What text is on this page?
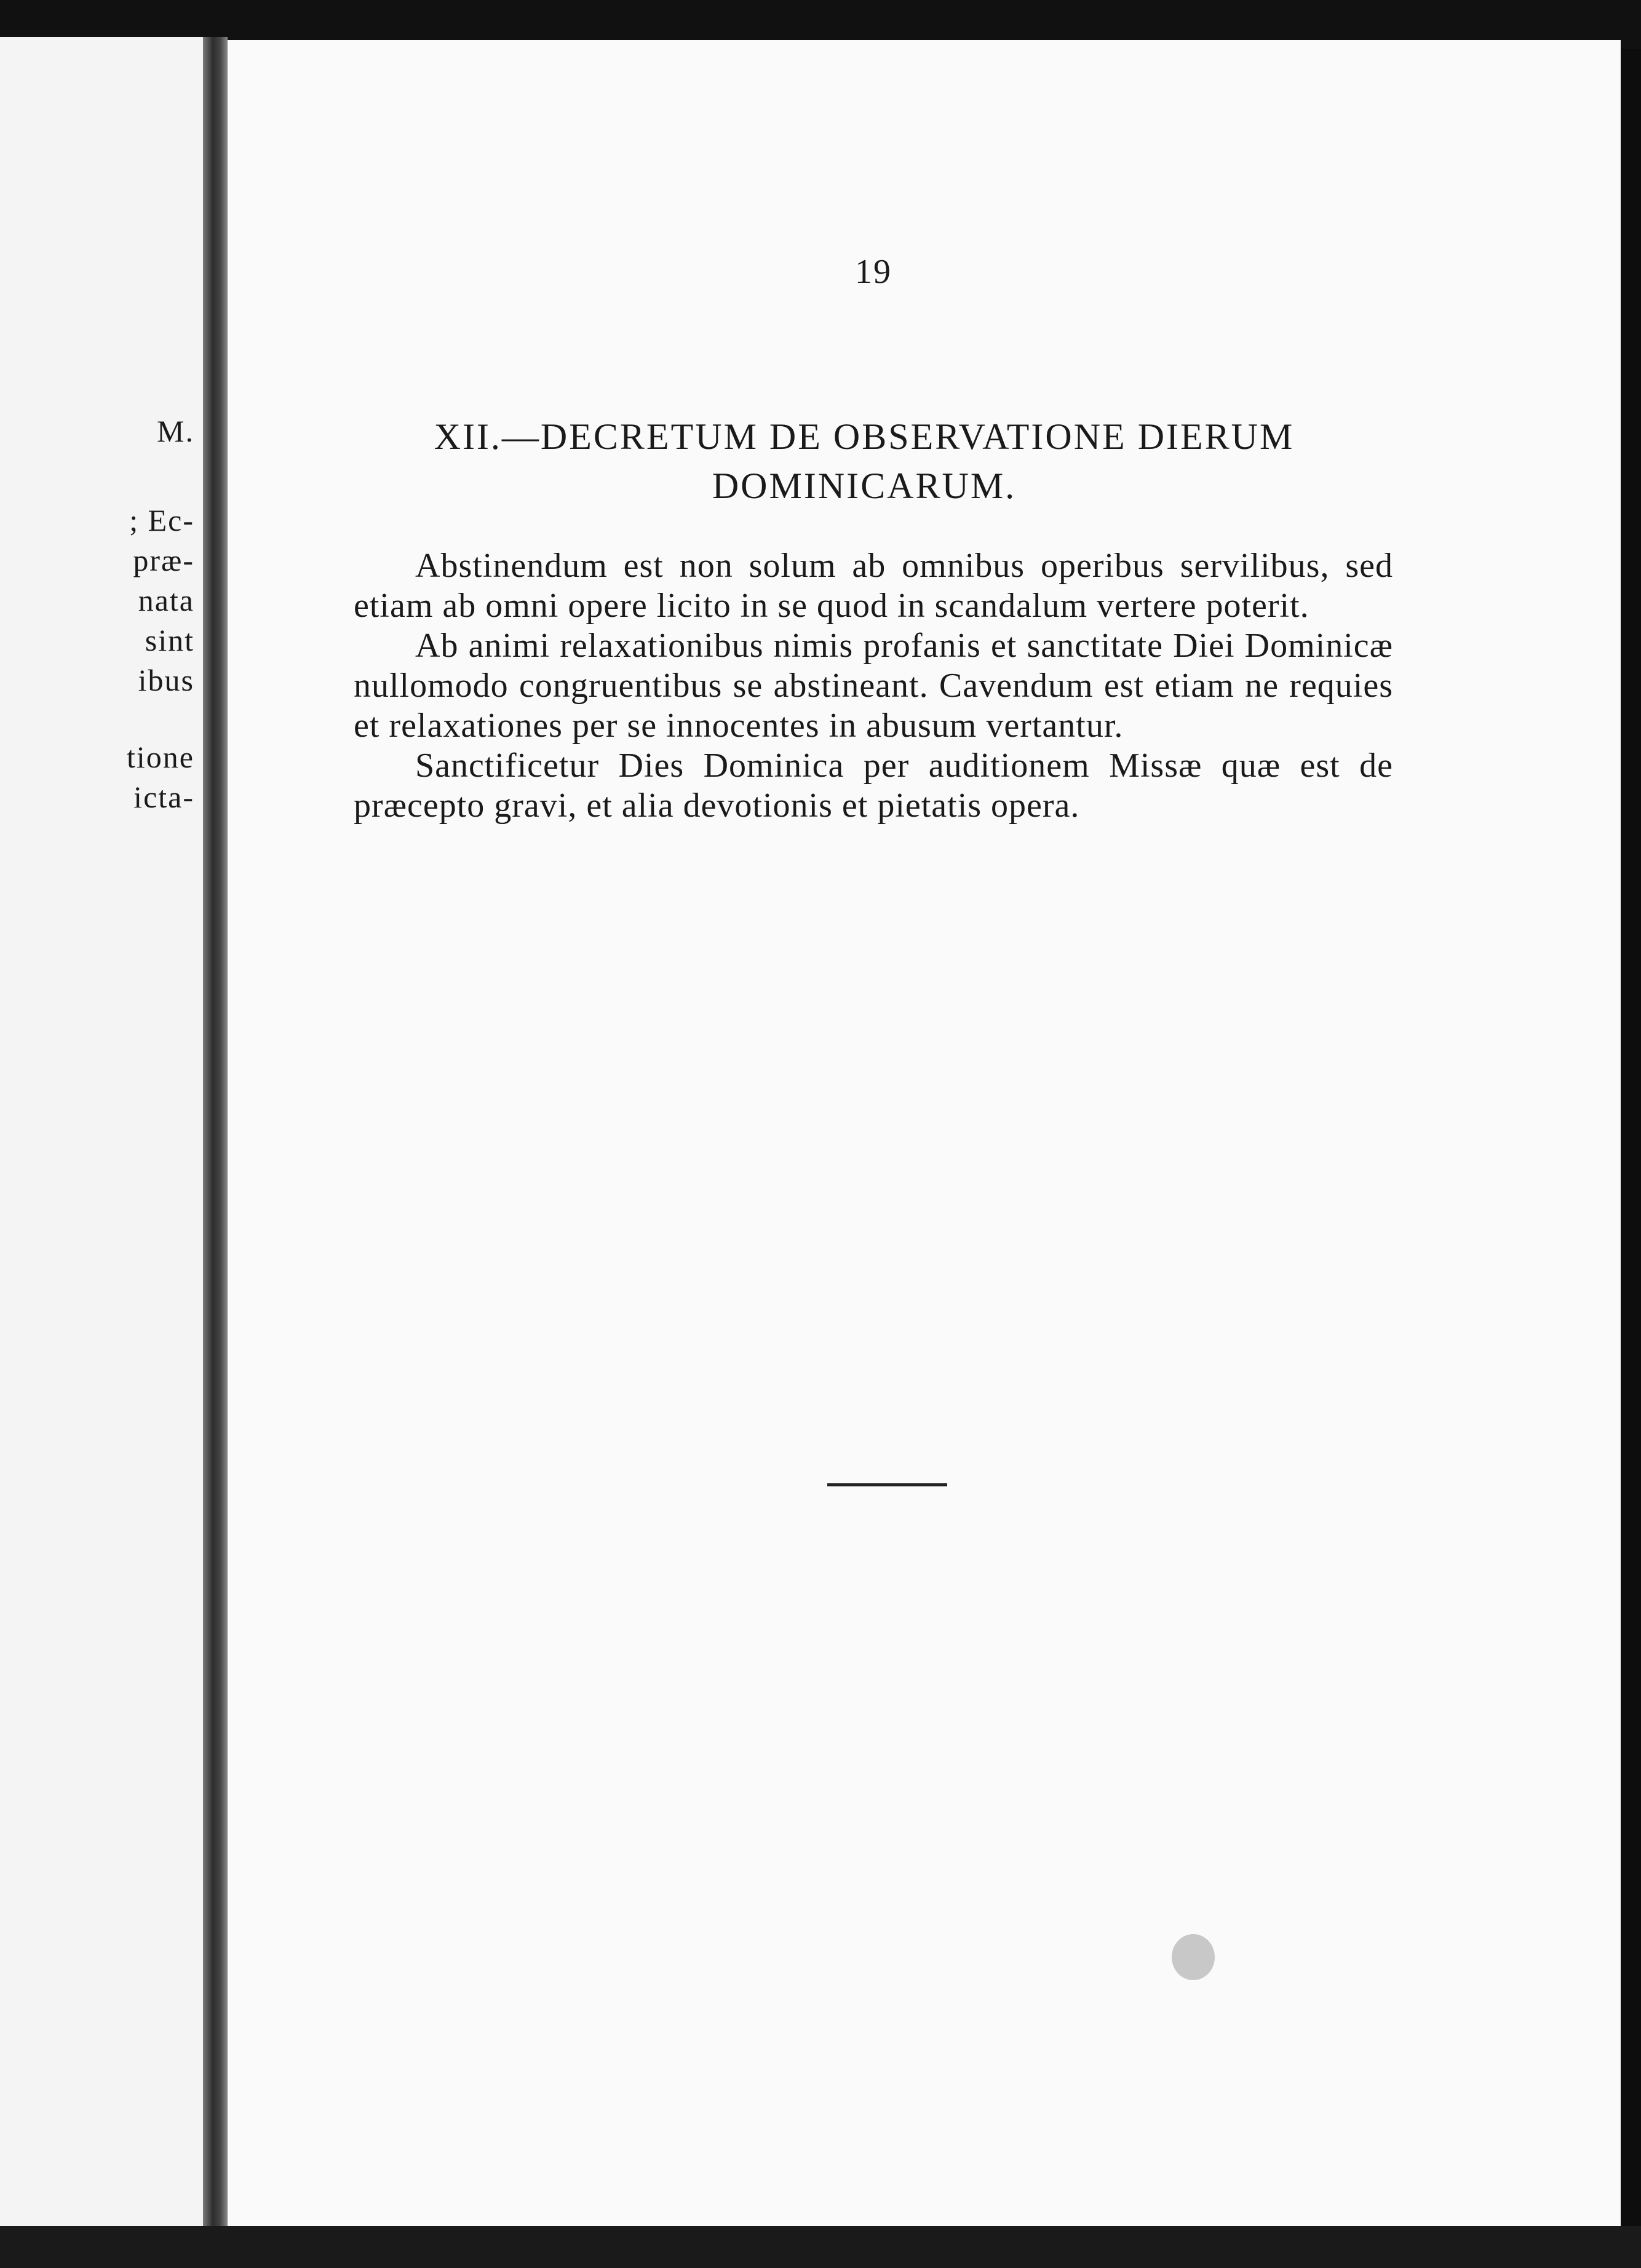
M.
; Ec-
præ-
nata
sint
ibus
tione
icta-
19
XII.—DECRETUM DE OBSERVATIONE DIERUM
DOMINICARUM.

Abstinendum est non solum ab omnibus operibus servilibus, sed etiam ab omni opere licito in se quod in scandalum vertere poterit.

Ab animi relaxationibus nimis profanis et sanctitate Diei Dominicæ nullomodo congruentibus se abstineant. Cavendum est etiam ne requies et relaxationes per se innocentes in abusum vertantur.

Sanctificetur Dies Dominica per auditionem Missæ quæ est de præcepto gravi, et alia devotionis et pietatis opera.
